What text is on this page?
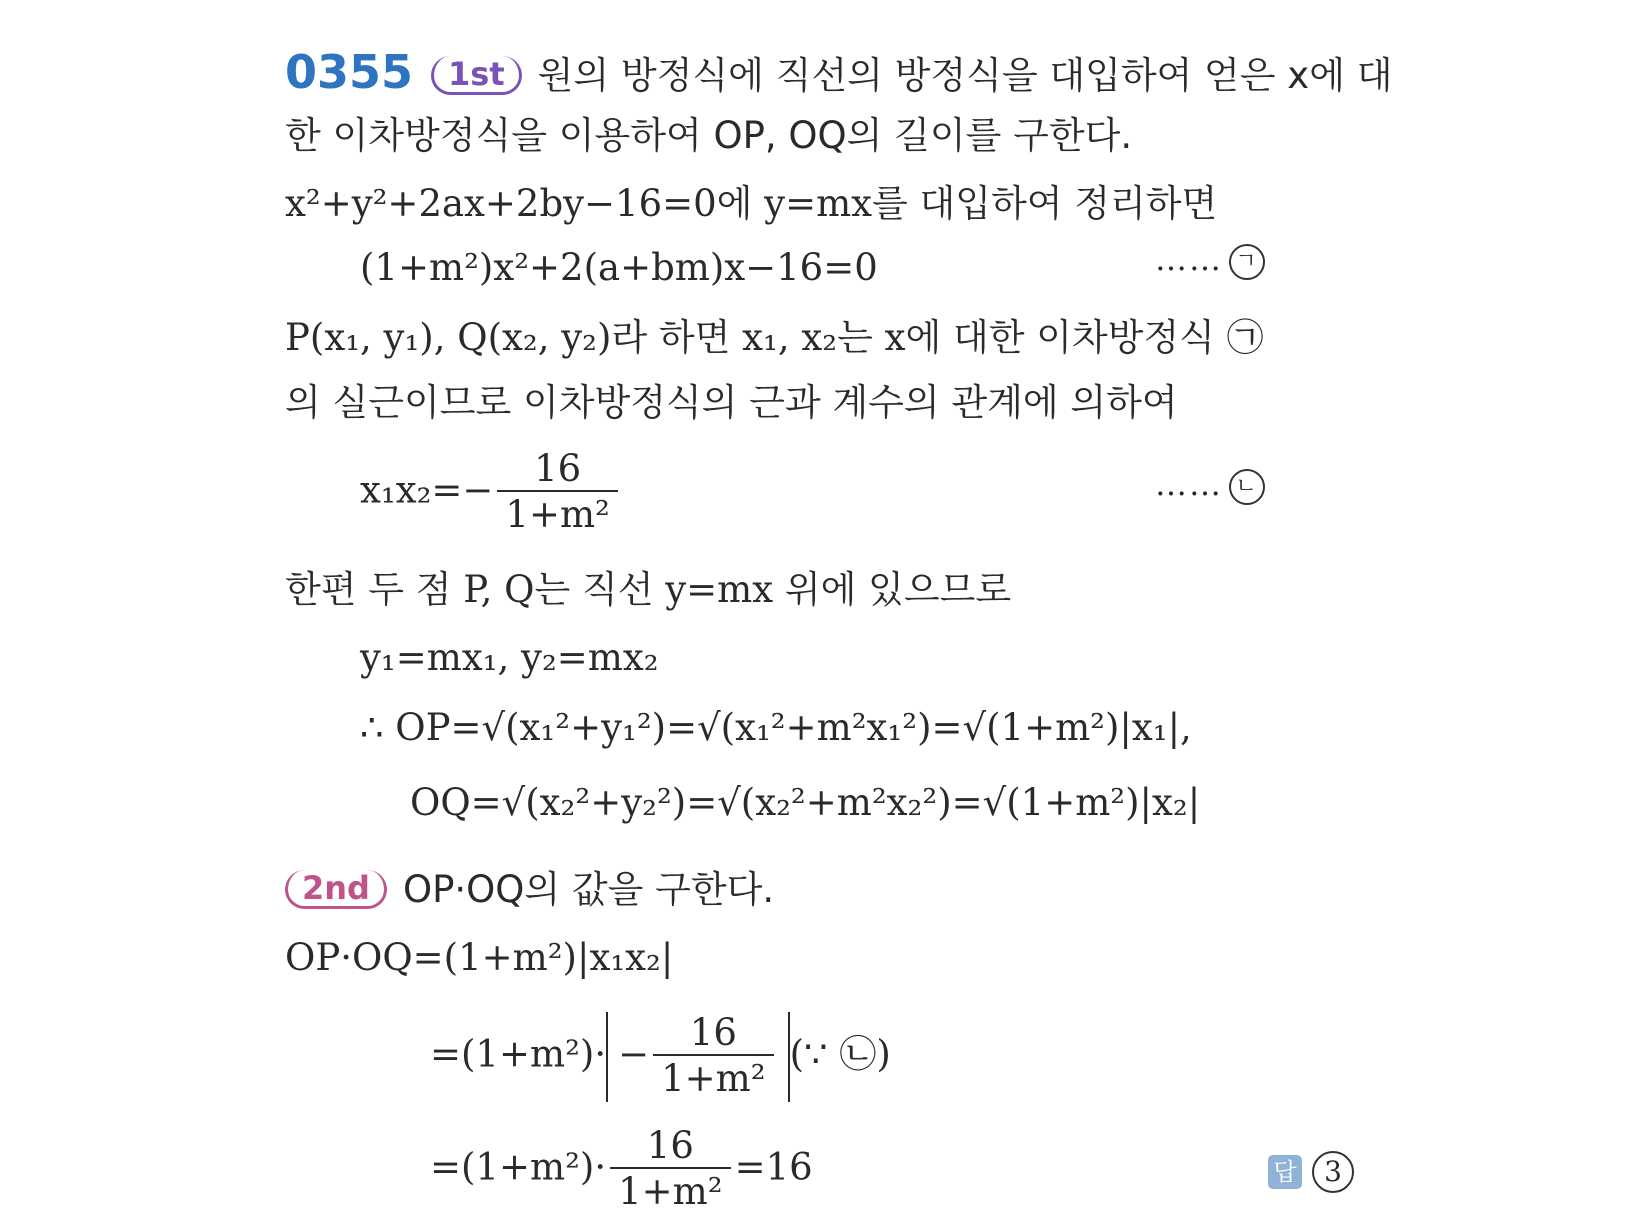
0355 1st 원의 방정식에 직선의 방정식을 대입하여 얻은 x에 대
한 이차방정식을 이용하여 OP, OQ의 길이를 구한다.
x²+y²+2ax+2by−16=0에 y=mx를 대입하여 정리하면
(1+m²)x²+2(a+bm)x−16=0	…… ㄱ
P(x₁, y₁), Q(x₂, y₂)라 하면 x₁, x₂는 x에 대한 이차방정식 ㉠
의 실근이므로 이차방정식의 근과 계수의 관계에 의하여
$x_1x_2=- \frac{16}{\text{1+m²}}$	…… ㄴ
한편 두 점 P, Q는 직선 y=mx 위에 있으므로
y₁=mx₁, y₂=mx₂
∴ OP=√(x₁²+y₁²)=√(x₁²+m²x₁²)=√(1+m²)|x₁|,
OQ=√(x₂²+y₂²)=√(x₂²+m²x₂²)=√(1+m²)|x₂|
2nd OP·OQ의 값을 구한다.
OP·OQ=(1+m²)|x₁x₂|
$=(1+m^2)\cdot - \frac{16}{\text{1+m²}}$ (∵ ㉡)
$=(1+m^2)\cdot \frac{16}{\text{1+m²}} =16$	답 3
